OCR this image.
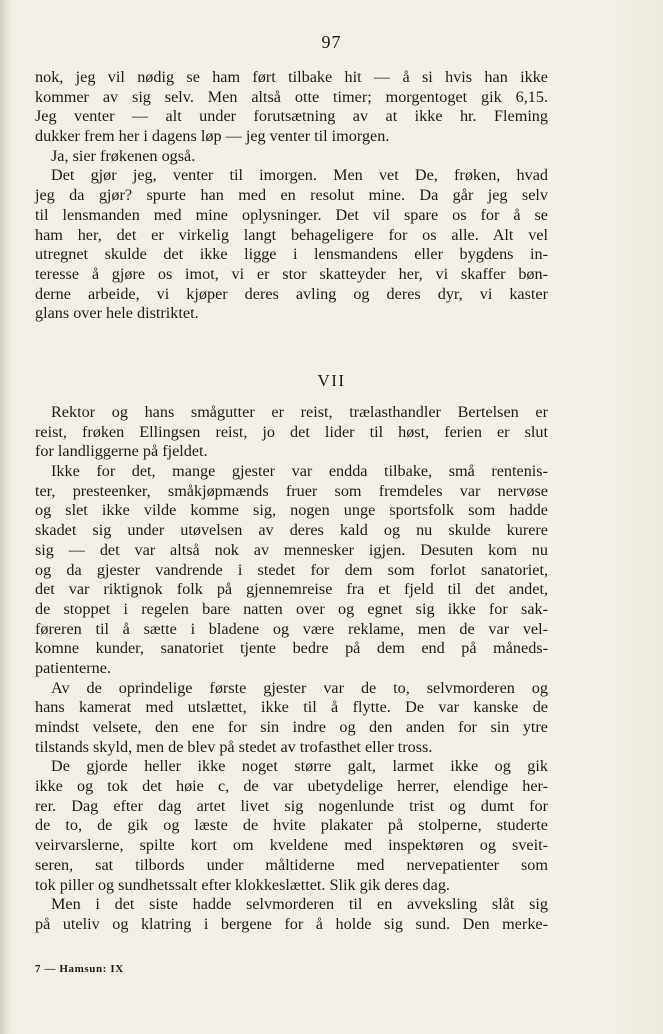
97
nok, jeg vil nødig se ham ført tilbake hit — å si hvis han ikke
kommer av sig selv. Men altså otte timer; morgentoget gik 6,15.
Jeg venter — alt under forutsætning av at ikke hr. Fleming
dukker frem her i dagens løp — jeg venter til imorgen.
Ja, sier frøkenen også.
Det gjør jeg, venter til imorgen. Men vet De, frøken, hvad
jeg da gjør? spurte han med en resolut mine. Da går jeg selv
til lensmanden med mine oplysninger. Det vil spare os for å se
ham her, det er virkelig langt behageligere for os alle. Alt vel
utregnet skulde det ikke ligge i lensmandens eller bygdens in-
teresse å gjøre os imot, vi er stor skatteyder her, vi skaffer bøn-
derne arbeide, vi kjøper deres avling og deres dyr, vi kaster
glans over hele distriktet.
VII
Rektor og hans smågutter er reist, trælasthandler Bertelsen er
reist, frøken Ellingsen reist, jo det lider til høst, ferien er slut
for landliggerne på fjeldet.
Ikke for det, mange gjester var endda tilbake, små rentenis-
ter, presteenker, småkjøpmænds fruer som fremdeles var nervøse
og slet ikke vilde komme sig, nogen unge sportsfolk som hadde
skadet sig under utøvelsen av deres kald og nu skulde kurere
sig — det var altså nok av mennesker igjen. Desuten kom nu
og da gjester vandrende i stedet for dem som forlot sanatoriet,
det var riktignok folk på gjennemreise fra et fjeld til det andet,
de stoppet i regelen bare natten over og egnet sig ikke for sak-
føreren til å sætte i bladene og være reklame, men de var vel-
komne kunder, sanatoriet tjente bedre på dem end på måneds-
patienterne.
Av de oprindelige første gjester var de to, selvmorderen og
hans kamerat med utslættet, ikke til å flytte. De var kanske de
mindst velsete, den ene for sin indre og den anden for sin ytre
tilstands skyld, men de blev på stedet av trofasthet eller tross.
De gjorde heller ikke noget større galt, larmet ikke og gik
ikke og tok det høie c, de var ubetydelige herrer, elendige her-
rer. Dag efter dag artet livet sig nogenlunde trist og dumt for
de to, de gik og læste de hvite plakater på stolperne, studerte
veirvarslerne, spilte kort om kveldene med inspektøren og sveit-
seren, sat tilbords under måltiderne med nervepatienter som
tok piller og sundhetssalt efter klokkeslættet. Slik gik deres dag.
Men i det siste hadde selvmorderen til en avveksling slåt sig
på uteliv og klatring i bergene for å holde sig sund. Den merke-
7 — Hamsun: IX
